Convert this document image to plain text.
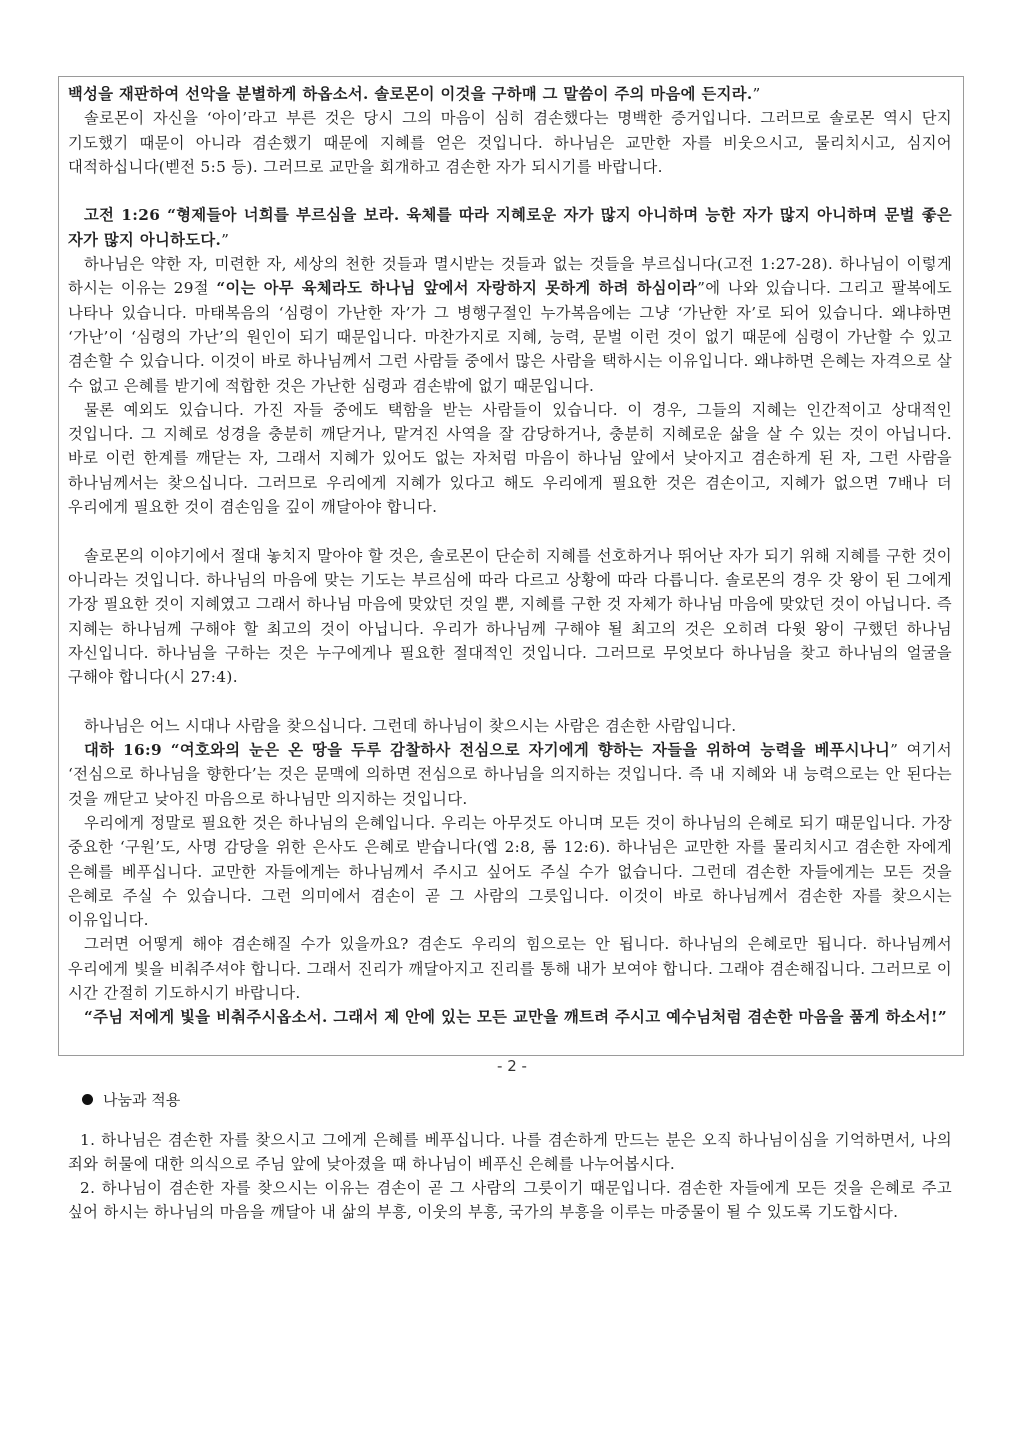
백성을 재판하여 선악을 분별하게 하옵소서. 솔로몬이 이것을 구하매 그 말씀이 주의 마음에 든지라.”

솔로몬이 자신을 ‘아이’라고 부른 것은 당시 그의 마음이 심히 겸손했다는 명백한 증거입니다. 그러므로 솔로몬 역시 단지 기도했기 때문이 아니라 겸손했기 때문에 지혜를 얻은 것입니다. 하나님은 교만한 자를 비웃으시고, 물리치시고, 심지어 대적하십니다(벧전 5:5 등). 그러므로 교만을 회개하고 겸손한 자가 되시기를 바랍니다.

고전 1:26 “형제들아 너희를 부르심을 보라. 육체를 따라 지혜로운 자가 많지 아니하며 능한 자가 많지 아니하며 문벌 좋은 자가 많지 아니하도다.”

하나님은 약한 자, 미련한 자, 세상의 천한 것들과 멸시받는 것들과 없는 것들을 부르십니다(고전 1:27-28). 하나님이 이렇게 하시는 이유는 29절 “이는 아무 육체라도 하나님 앞에서 자랑하지 못하게 하려 하심이라”에 나와 있습니다. 그리고 팔복에도 나타나 있습니다. 마태복음의 ‘심령이 가난한 자’가 그 병행구절인 누가복음에는 그냥 ‘가난한 자’로 되어 있습니다. 왜냐하면 ‘가난’이 ‘심령의 가난’의 원인이 되기 때문입니다. 마찬가지로 지혜, 능력, 문벌 이런 것이 없기 때문에 심령이 가난할 수 있고 겸손할 수 있습니다. 이것이 바로 하나님께서 그런 사람들 중에서 많은 사람을 택하시는 이유입니다. 왜냐하면 은혜는 자격으로 살 수 없고 은혜를 받기에 적합한 것은 가난한 심령과 겸손밖에 없기 때문입니다.

물론 예외도 있습니다. 가진 자들 중에도 택함을 받는 사람들이 있습니다. 이 경우, 그들의 지혜는 인간적이고 상대적인 것입니다. 그 지혜로 성경을 충분히 깨닫거나, 맡겨진 사역을 잘 감당하거나, 충분히 지혜로운 삶을 살 수 있는 것이 아닙니다. 바로 이런 한계를 깨닫는 자, 그래서 지혜가 있어도 없는 자처럼 마음이 하나님 앞에서 낮아지고 겸손하게 된 자, 그런 사람을 하나님께서는 찾으십니다. 그러므로 우리에게 지혜가 있다고 해도 우리에게 필요한 것은 겸손이고, 지혜가 없으면 7배나 더 우리에게 필요한 것이 겸손임을 깊이 깨달아야 합니다.

솔로몬의 이야기에서 절대 놓치지 말아야 할 것은, 솔로몬이 단순히 지혜를 선호하거나 뛰어난 자가 되기 위해 지혜를 구한 것이 아니라는 것입니다. 하나님의 마음에 맞는 기도는 부르심에 따라 다르고 상황에 따라 다릅니다. 솔로몬의 경우 갓 왕이 된 그에게 가장 필요한 것이 지혜였고 그래서 하나님 마음에 맞았던 것일 뿐, 지혜를 구한 것 자체가 하나님 마음에 맞았던 것이 아닙니다. 즉 지혜는 하나님께 구해야 할 최고의 것이 아닙니다. 우리가 하나님께 구해야 될 최고의 것은 오히려 다윗 왕이 구했던 하나님 자신입니다. 하나님을 구하는 것은 누구에게나 필요한 절대적인 것입니다. 그러므로 무엇보다 하나님을 찾고 하나님의 얼굴을 구해야 합니다(시 27:4).

하나님은 어느 시대나 사람을 찾으십니다. 그런데 하나님이 찾으시는 사람은 겸손한 사람입니다.

대하 16:9 “여호와의 눈은 온 땅을 두루 감찰하사 전심으로 자기에게 향하는 자들을 위하여 능력을 베푸시나니” 여기서 ‘전심으로 하나님을 향한다’는 것은 문맥에 의하면 전심으로 하나님을 의지하는 것입니다. 즉 내 지혜와 내 능력으로는 안 된다는 것을 깨닫고 낮아진 마음으로 하나님만 의지하는 것입니다.

우리에게 정말로 필요한 것은 하나님의 은혜입니다. 우리는 아무것도 아니며 모든 것이 하나님의 은혜로 되기 때문입니다. 가장 중요한 ‘구원’도, 사명 감당을 위한 은사도 은혜로 받습니다(엡 2:8, 롬 12:6). 하나님은 교만한 자를 물리치시고 겸손한 자에게 은혜를 베푸십니다. 교만한 자들에게는 하나님께서 주시고 싶어도 주실 수가 없습니다. 그런데 겸손한 자들에게는 모든 것을 은혜로 주실 수 있습니다. 그런 의미에서 겸손이 곧 그 사람의 그릇입니다. 이것이 바로 하나님께서 겸손한 자를 찾으시는 이유입니다.

그러면 어떻게 해야 겸손해질 수가 있을까요? 겸손도 우리의 힘으로는 안 됩니다. 하나님의 은혜로만 됩니다. 하나님께서 우리에게 빛을 비춰주셔야 합니다. 그래서 진리가 깨달아지고 진리를 통해 내가 보여야 합니다. 그래야 겸손해집니다. 그러므로 이 시간 간절히 기도하시기 바랍니다.

“주님 저에게 빛을 비춰주시옵소서. 그래서 제 안에 있는 모든 교만을 깨트려 주시고 예수님처럼 겸손한 마음을 품게 하소서!”

나눔과 적용

1. 하나님은 겸손한 자를 찾으시고 그에게 은혜를 베푸십니다. 나를 겸손하게 만드는 분은 오직 하나님이심을 기억하면서, 나의 죄와 허물에 대한 의식으로 주님 앞에 낮아졌을 때 하나님이 베푸신 은혜를 나누어봅시다.

2. 하나님이 겸손한 자를 찾으시는 이유는 겸손이 곧 그 사람의 그릇이기 때문입니다. 겸손한 자들에게 모든 것을 은혜로 주고 싶어 하시는 하나님의 마음을 깨달아 내 삶의 부흥, 이웃의 부흥, 국가의 부흥을 이루는 마중물이 될 수 있도록 기도합시다.

- 2 -
